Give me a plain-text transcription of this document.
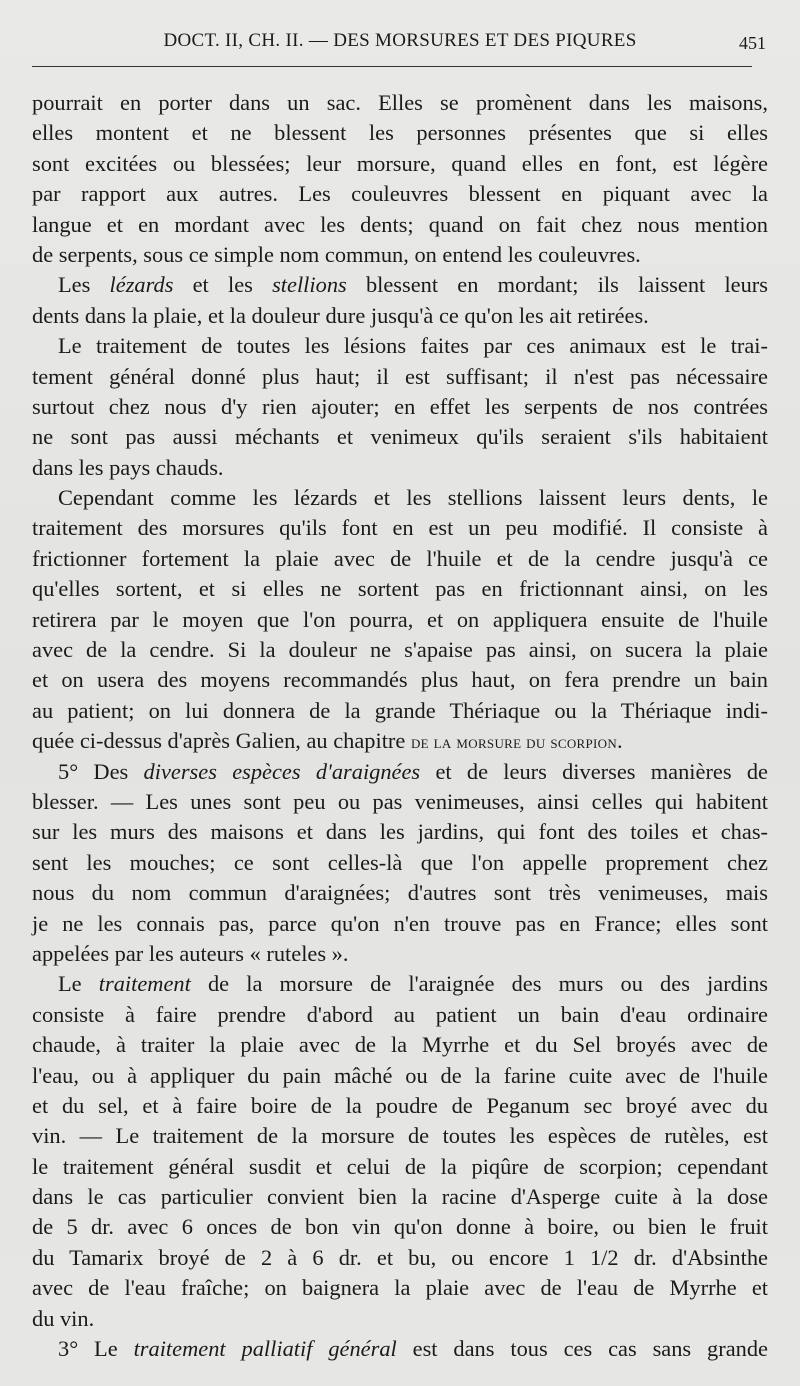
DOCT. II, CH. II. — DES MORSURES ET DES PIQURES	451
pourrait en porter dans un sac. Elles se promènent dans les maisons,
elles montent et ne blessent les personnes présentes que si elles
sont excitées ou blessées; leur morsure, quand elles en font, est légère
par rapport aux autres. Les couleuvres blessent en piquant avec la
langue et en mordant avec les dents; quand on fait chez nous mention
de serpents, sous ce simple nom commun, on entend les couleuvres.
Les lézards et les stellions blessent en mordant; ils laissent leurs
dents dans la plaie, et la douleur dure jusqu'à ce qu'on les ait retirées.
Le traitement de toutes les lésions faites par ces animaux est le trai-
tement général donné plus haut; il est suffisant; il n'est pas nécessaire
surtout chez nous d'y rien ajouter; en effet les serpents de nos contrées
ne sont pas aussi méchants et venimeux qu'ils seraient s'ils habitaient
dans les pays chauds.
Cependant comme les lézards et les stellions laissent leurs dents, le
traitement des morsures qu'ils font en est un peu modifié. Il consiste à
frictionner fortement la plaie avec de l'huile et de la cendre jusqu'à ce
qu'elles sortent, et si elles ne sortent pas en frictionnant ainsi, on les
retirera par le moyen que l'on pourra, et on appliquera ensuite de l'huile
avec de la cendre. Si la douleur ne s'apaise pas ainsi, on sucera la plaie
et on usera des moyens recommandés plus haut, on fera prendre un bain
au patient; on lui donnera de la grande Thériaque ou la Thériaque indi-
quée ci-dessus d'après Galien, au chapitre de la morsure du scorpion.
5° Des diverses espèces d'araignées et de leurs diverses manières de
blesser. — Les unes sont peu ou pas venimeuses, ainsi celles qui habitent
sur les murs des maisons et dans les jardins, qui font des toiles et chas-
sent les mouches; ce sont celles-là que l'on appelle proprement chez
nous du nom commun d'araignées; d'autres sont très venimeuses, mais
je ne les connais pas, parce qu'on n'en trouve pas en France; elles sont
appelées par les auteurs « ruteles ».
Le traitement de la morsure de l'araignée des murs ou des jardins
consiste à faire prendre d'abord au patient un bain d'eau ordinaire
chaude, à traiter la plaie avec de la Myrrhe et du Sel broyés avec de
l'eau, ou à appliquer du pain mâché ou de la farine cuite avec de l'huile
et du sel, et à faire boire de la poudre de Peganum sec broyé avec du
vin. — Le traitement de la morsure de toutes les espèces de rutèles, est
le traitement général susdit et celui de la piqûre de scorpion; cependant
dans le cas particulier convient bien la racine d'Asperge cuite à la dose
de 5 dr. avec 6 onces de bon vin qu'on donne à boire, ou bien le fruit
du Tamarix broyé de 2 à 6 dr. et bu, ou encore 1 1/2 dr. d'Absinthe
avec de l'eau fraîche; on baignera la plaie avec de l'eau de Myrrhe et
du vin.
3° Le traitement palliatif général est dans tous ces cas sans grande
